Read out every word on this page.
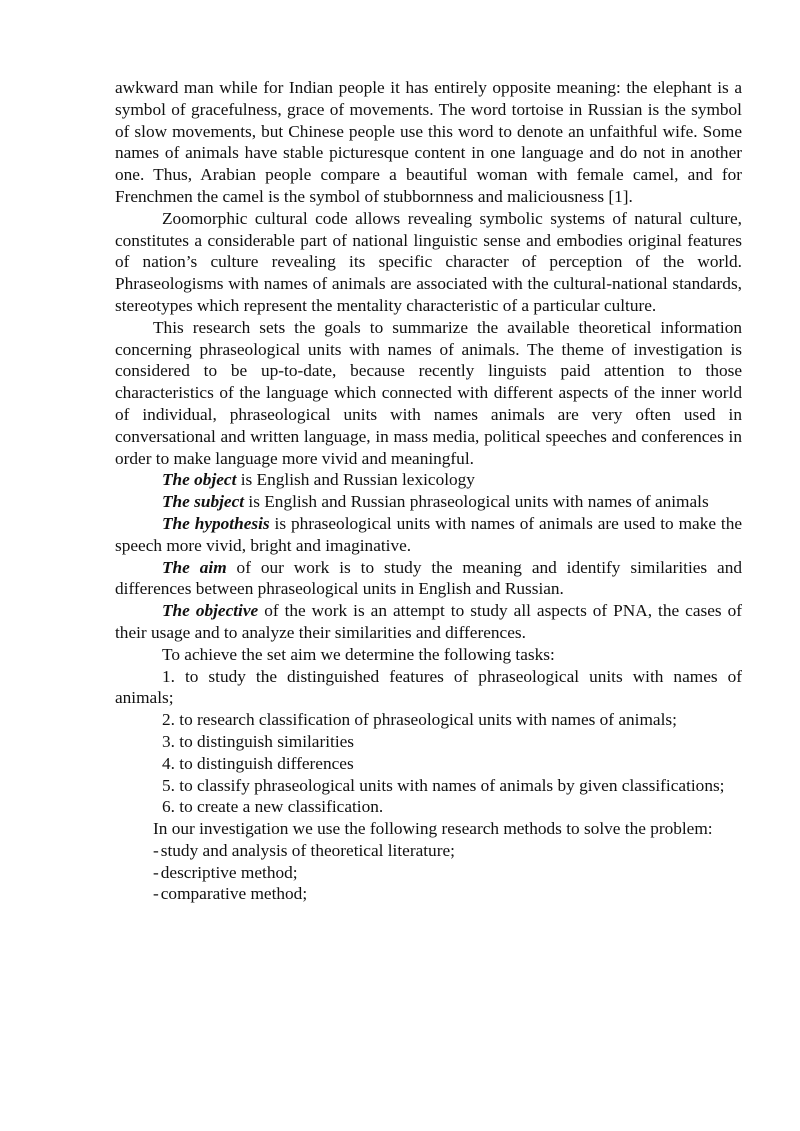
awkward man while for Indian people it has entirely opposite meaning: the elephant is a symbol of gracefulness, grace of movements. The word tortoise in Russian is the symbol of slow movements, but Chinese people use this word to denote an unfaithful wife. Some names of animals have stable picturesque content in one language and do not in another one. Thus, Arabian people compare a beautiful woman with female camel, and for Frenchmen the camel is the symbol of stubbornness and maliciousness [1].

Zoomorphic cultural code allows revealing symbolic systems of natural culture, constitutes a considerable part of national linguistic sense and embodies original features of nation’s culture revealing its specific character of perception of the world. Phraseologisms with names of animals are associated with the cultural-national standards, stereotypes which represent the mentality characteristic of a particular culture.

This research sets the goals to summarize the available theoretical information concerning phraseological units with names of animals. The theme of investigation is considered to be up-to-date, because recently linguists paid attention to those characteristics of the language which connected with different aspects of the inner world of individual, phraseological units with names animals are very often used in conversational and written language, in mass media, political speeches and conferences in order to make language more vivid and meaningful.

The object is English and Russian lexicology

The subject is English and Russian phraseological units with names of animals

The hypothesis is phraseological units with names of animals are used to make the speech more vivid, bright and imaginative.

The aim of our work is to study the meaning and identify similarities and differences between phraseological units in English and Russian.

The objective of the work is an attempt to study all aspects of PNA, the cases of their usage and to analyze their similarities and differences.

To achieve the set aim we determine the following tasks:

1. to study the distinguished features of phraseological units with names of animals;

2. to research classification of phraseological units with names of animals;

3. to distinguish similarities

4. to distinguish differences

5. to classify phraseological units with names of animals by given classifications;

6. to create a new classification.

In our investigation we use the following research methods to solve the problem:

- study and analysis of theoretical literature;

- descriptive method;

- comparative method;
